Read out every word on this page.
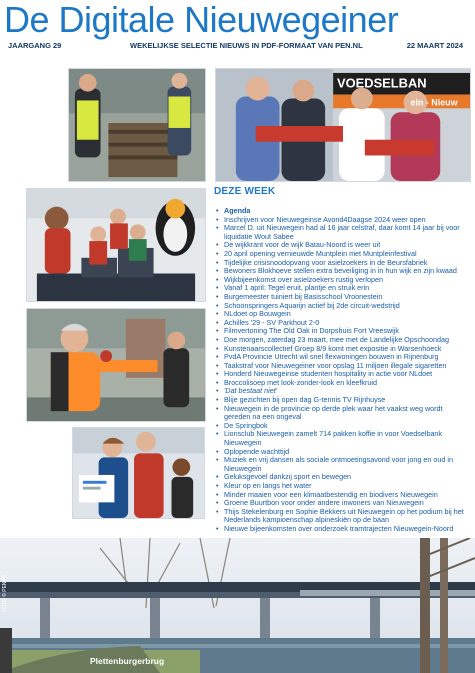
De Digitale Nieuwegeiner
JAARGANG 29	WEKELIJKSE SELECTIE NIEUWS IN PDF-FORMAAT VAN PEN.NL	22 MAART 2024
VOEDSELBAN
ein - Nieuw
DEZE WEEK
• Agenda
• Inschrijven voor Nieuwegeinse Avond4Daagse 2024 weer open
• Marcel D. uit Nieuwegein had al 16 jaar celstraf, daar komt 14 jaar bij voor liquidatie Wout Sabee
• De wijkkrant voor de wijk Batau-Noord is weer uit
• 20 april opening vernieuwde Muntplein met Muntpleinfestival
• Tijdelijke crisisnoodopvang voor asielzoekers in de Beursfabriek
• Bewoners Blokhoeve stellen extra beveiliging in in hun wijk en zijn kwaad
• Wijkbijeenkomst over asielzoekers rustig verlopen
• Vanaf 1 april: Tegel eruit, plantje en struik erin
• Burgemeester tuiniert bij Basisschool Vroonestein
• Schoonspringers Aquarijn actief bij 2de circuit-wedstrijd
• NLdoet op Bouwgein
• Achilles '29 - SV Parkhout 2-0
• Filmvertoning The Old Oak in Dorpshuis Fort Vreeswijk
• Doe morgen, zaterdag 23 maart, mee met de Landelijke Opschoondag
• Kunstenaarscollectief Groep 8/9 komt met expositie in Warsenhoeck
• PvdA Provincie Utrecht wil snel flexwoningen bouwen in Rijnenburg
• Taakstraf voor Nieuwegeiner voor opslag 11 miljoen illegale sigaretten
• Honderd Nieuwegeinse studenten hospitality in actie voor NLdoet
• Broccolisoep met look-zonder-look en kleefkruid
• 'Dat bestaat niet'
• Blije gezichten bij open dag G-tennis TV Rijnhuyse
• Nieuwegein in de provincie op derde plek waar het vaakst weg wordt gereden na een ongeval
• De Springbok
• Lionsclub Nieuwegein zamelt 714 pakken koffie in voor Voedselbank Nieuwegein
• Oplopende wachttijd
• Muziek en vrij dansen als sociale ontmoetingsavond voor jong en oud in Nieuwegein
• Geluksgevoel dankzij sport en bewegen
• Kleur op en langs het water
• Minder maaien voor een klimaatbestendig en biodivers Nieuwegein
• Groene Buurtbon voor onder andere inwoners van Nieuwegein
• Thijs Stekelenburg en Sophie Bekkers uit Nieuwegein op het podium bij het Nederlands kampioenschap alpineskiën op de baan
• Nieuwe bijeenkomsten over onderzoek tramtrajecten Nieuwegein-Noord
Plettenburgerbrug
FOTO © PEN.NL
